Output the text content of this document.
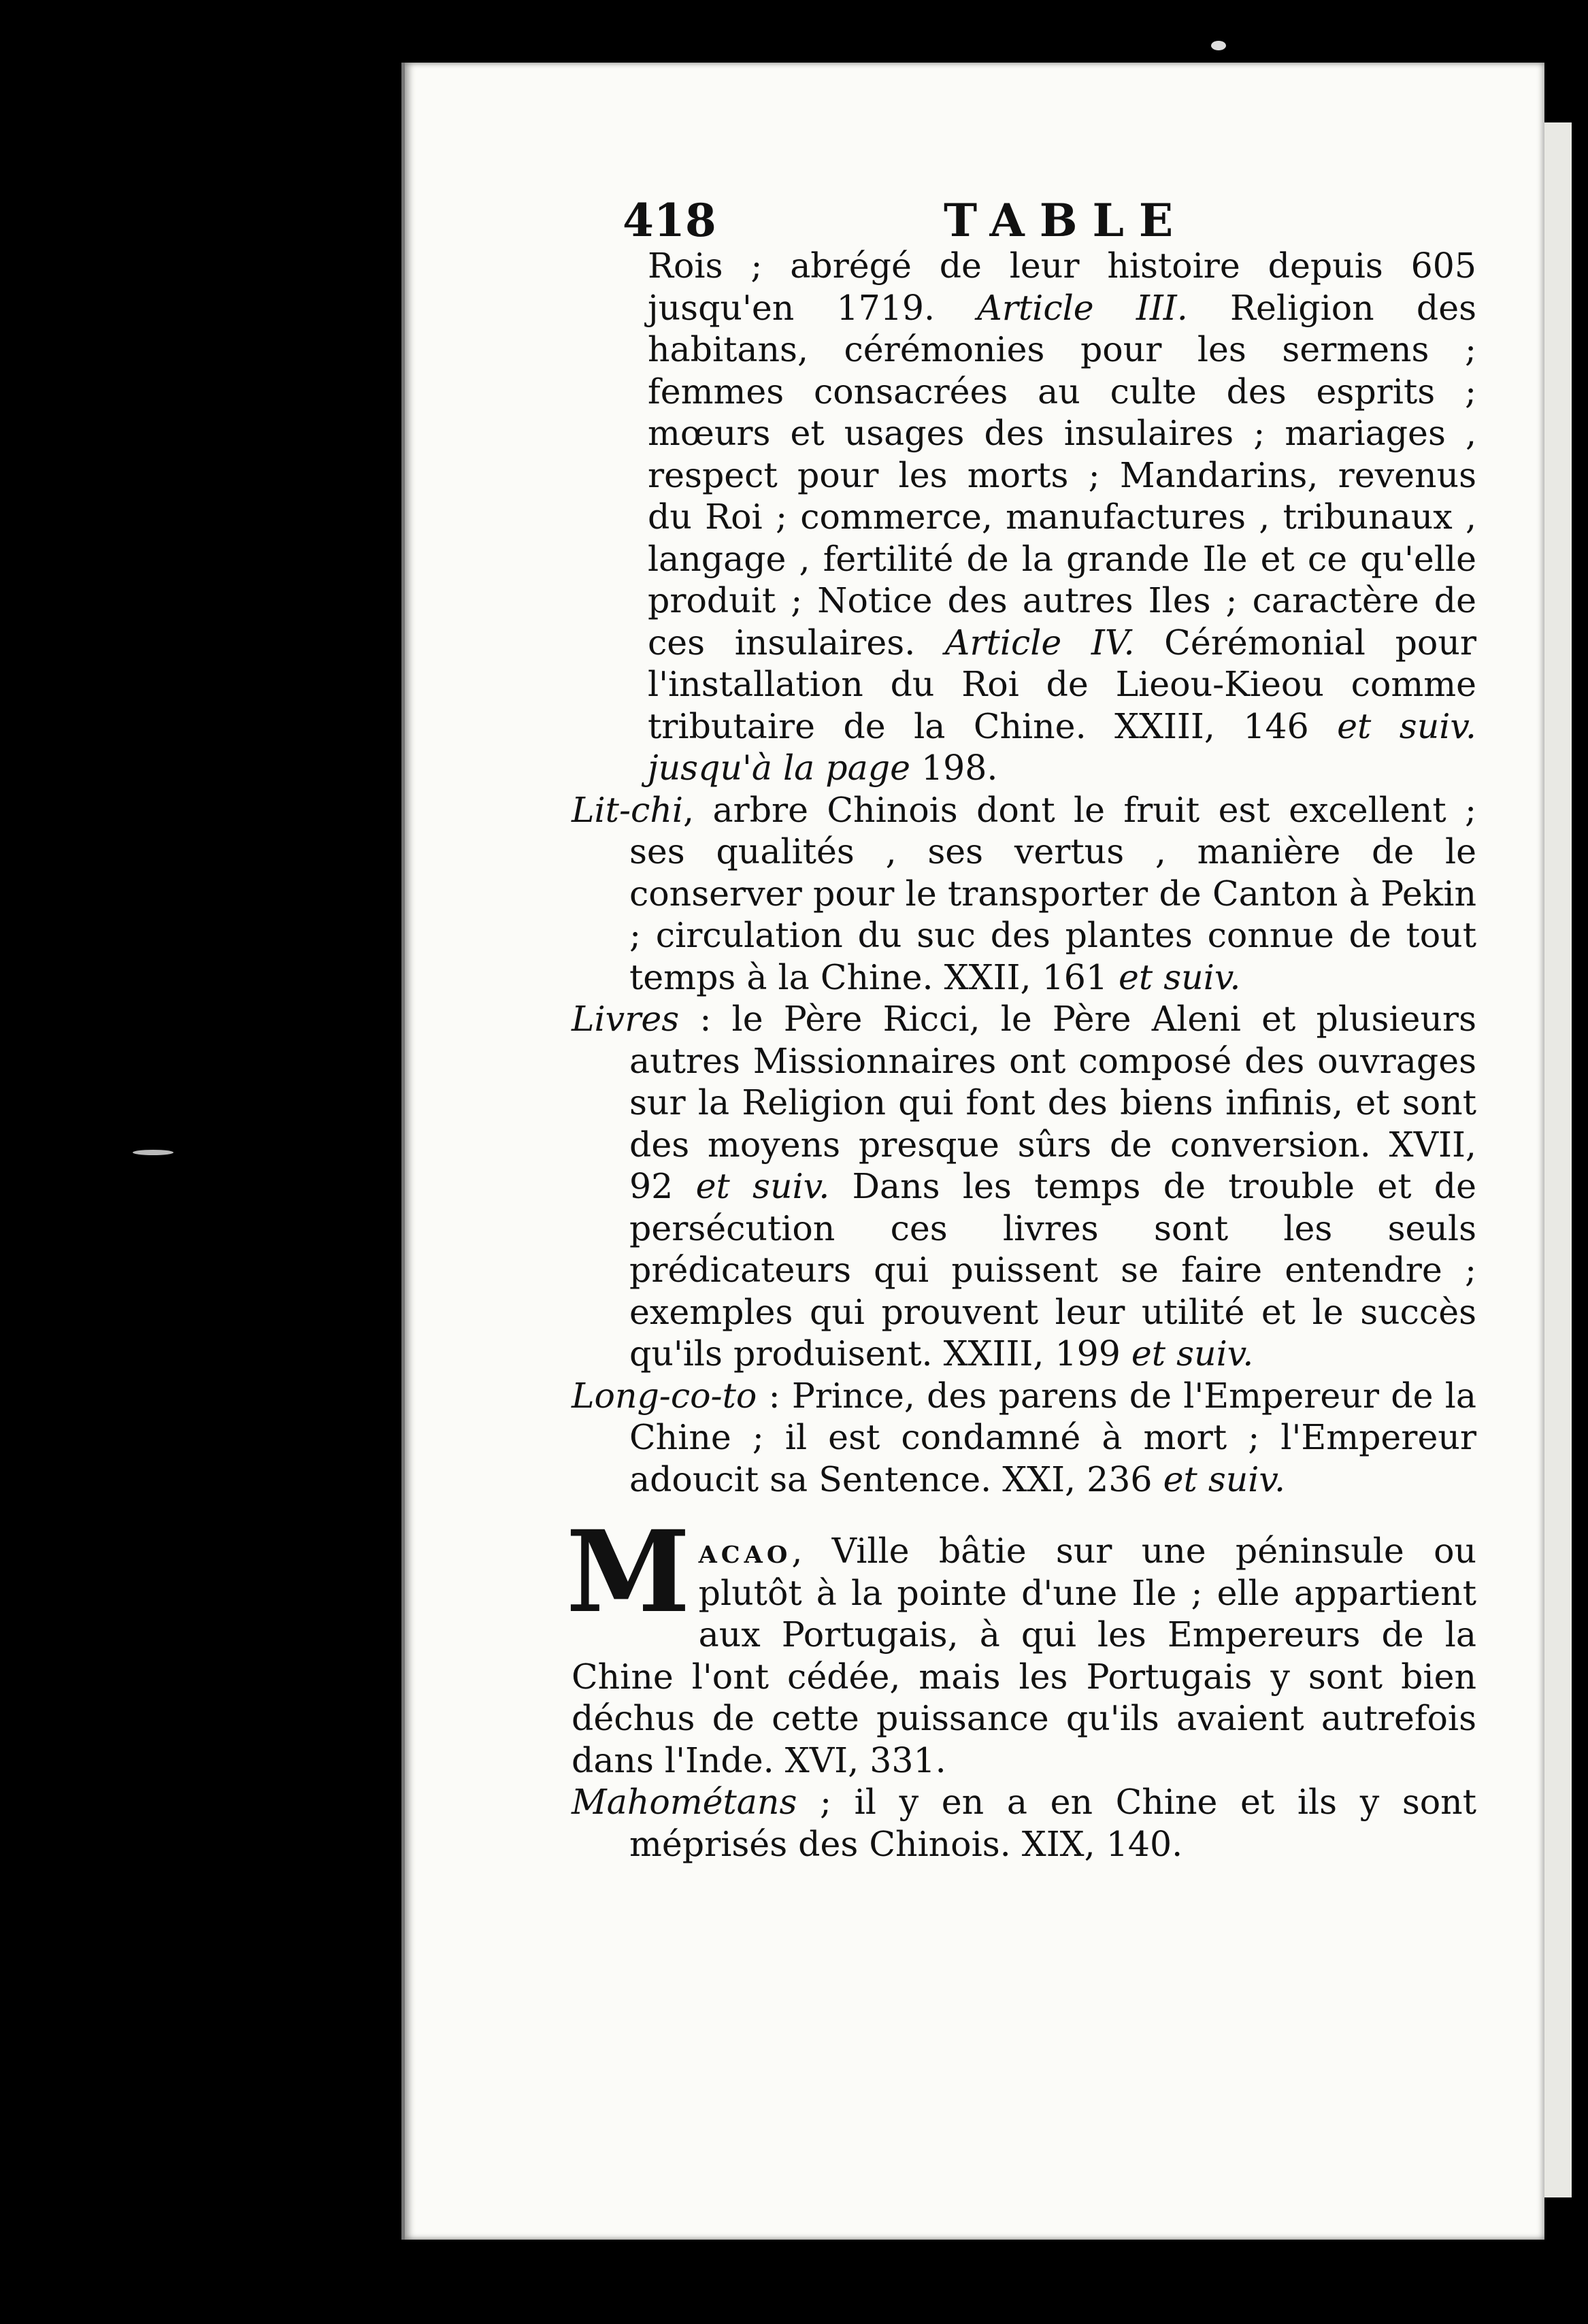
418	TABLE

Rois ; abrégé de leur histoire depuis 605 jusqu'en 1719. Article III. Religion des habitans, cérémonies pour les sermens ; femmes consacrées au culte des esprits ; mœurs et usages des insulaires ; mariages , respect pour les morts ; Mandarins, revenus du Roi ; commerce, manufactures , tribunaux , langage , fertilité de la grande Ile et ce qu'elle produit ; Notice des autres Iles ; caractère de ces insulaires. Article IV. Cérémonial pour l'installation du Roi de Lieou-Kieou comme tributaire de la Chine. XXIII, 146 et suiv. jusqu'à la page 198.

Lit-chi, arbre Chinois dont le fruit est excellent ; ses qualités , ses vertus , manière de le conserver pour le transporter de Canton à Pekin ; circulation du suc des plantes connue de tout temps à la Chine. XXII, 161 et suiv.

Livres : le Père Ricci, le Père Aleni et plusieurs autres Missionnaires ont composé des ouvrages sur la Religion qui font des biens infinis, et sont des moyens presque sûrs de conversion. XVII, 92 et suiv. Dans les temps de trouble et de persécution ces livres sont les seuls prédicateurs qui puissent se faire entendre ; exemples qui prouvent leur utilité et le succès qu'ils produisent. XXIII, 199 et suiv.

Long-co-to : Prince, des parens de l'Empereur de la Chine ; il est condamné à mort ; l'Empereur adoucit sa Sentence. XXI, 236 et suiv.

Macao, Ville bâtie sur une péninsule ou plutôt à la pointe d'une Ile ; elle appartient aux Portugais, à qui les Empereurs de la Chine l'ont cédée, mais les Portugais y sont bien déchus de cette puissance qu'ils avaient autrefois dans l'Inde. XVI, 331.

Mahométans ; il y en a en Chine et ils y sont méprisés des Chinois. XIX, 140.
